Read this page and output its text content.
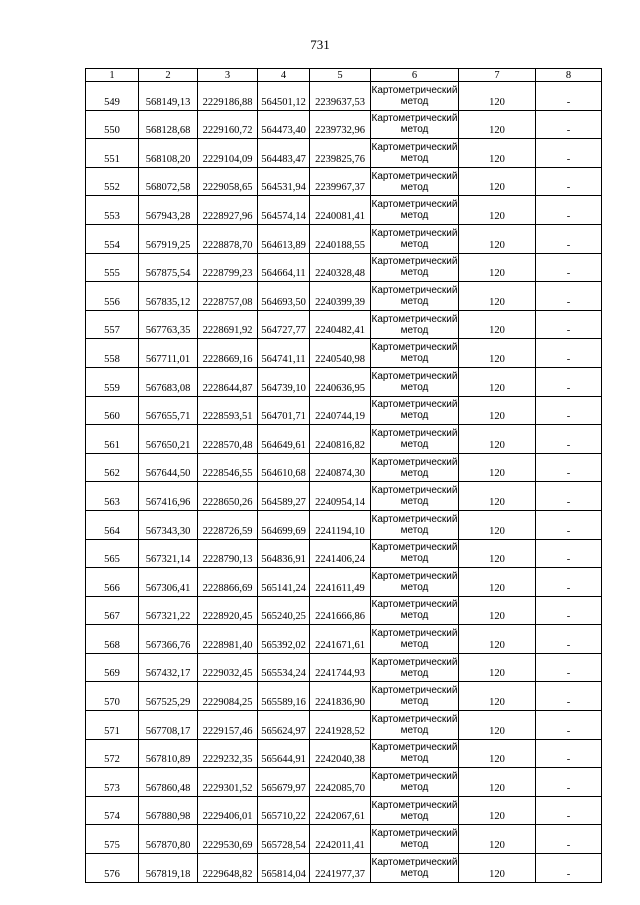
731
1	2	3	4	5	6	7	8
549	568149,13	2229186,88	564501,12	2239637,53	Картометрический
метод	120	-
550	568128,68	2229160,72	564473,40	2239732,96	Картометрический
метод	120	-
551	568108,20	2229104,09	564483,47	2239825,76	Картометрический
метод	120	-
552	568072,58	2229058,65	564531,94	2239967,37	Картометрический
метод	120	-
553	567943,28	2228927,96	564574,14	2240081,41	Картометрический
метод	120	-
554	567919,25	2228878,70	564613,89	2240188,55	Картометрический
метод	120	-
555	567875,54	2228799,23	564664,11	2240328,48	Картометрический
метод	120	-
556	567835,12	2228757,08	564693,50	2240399,39	Картометрический
метод	120	-
557	567763,35	2228691,92	564727,77	2240482,41	Картометрический
метод	120	-
558	567711,01	2228669,16	564741,11	2240540,98	Картометрический
метод	120	-
559	567683,08	2228644,87	564739,10	2240636,95	Картометрический
метод	120	-
560	567655,71	2228593,51	564701,71	2240744,19	Картометрический
метод	120	-
561	567650,21	2228570,48	564649,61	2240816,82	Картометрический
метод	120	-
562	567644,50	2228546,55	564610,68	2240874,30	Картометрический
метод	120	-
563	567416,96	2228650,26	564589,27	2240954,14	Картометрический
метод	120	-
564	567343,30	2228726,59	564699,69	2241194,10	Картометрический
метод	120	-
565	567321,14	2228790,13	564836,91	2241406,24	Картометрический
метод	120	-
566	567306,41	2228866,69	565141,24	2241611,49	Картометрический
метод	120	-
567	567321,22	2228920,45	565240,25	2241666,86	Картометрический
метод	120	-
568	567366,76	2228981,40	565392,02	2241671,61	Картометрический
метод	120	-
569	567432,17	2229032,45	565534,24	2241744,93	Картометрический
метод	120	-
570	567525,29	2229084,25	565589,16	2241836,90	Картометрический
метод	120	-
571	567708,17	2229157,46	565624,97	2241928,52	Картометрический
метод	120	-
572	567810,89	2229232,35	565644,91	2242040,38	Картометрический
метод	120	-
573	567860,48	2229301,52	565679,97	2242085,70	Картометрический
метод	120	-
574	567880,98	2229406,01	565710,22	2242067,61	Картометрический
метод	120	-
575	567870,80	2229530,69	565728,54	2242011,41	Картометрический
метод	120	-
576	567819,18	2229648,82	565814,04	2241977,37	Картометрический
метод	120	-
